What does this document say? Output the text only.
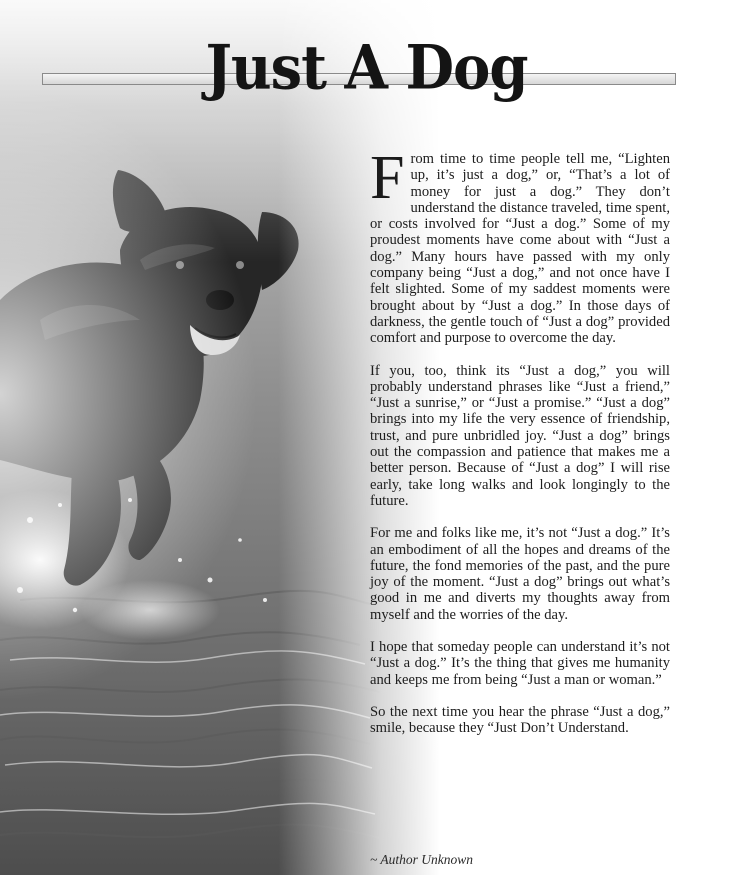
Just A Dog

From time to time people tell me, “Lighten up, it’s just a dog,” or, “That’s a lot of money for just a dog.” They don’t understand the distance traveled, time spent, or costs involved for “Just a dog.” Some of my proudest moments have come about with “Just a dog.” Many hours have passed with my only company being “Just a dog,” and not once have I felt slighted. Some of my saddest moments were brought about by “Just a dog.” In those days of darkness, the gentle touch of “Just a dog” provided comfort and purpose to overcome the day.

If you, too, think its “Just a dog,” you will probably understand phrases like “Just a friend,” “Just a sunrise,” or “Just a promise.” “Just a dog” brings into my life the very essence of friendship, trust, and pure unbridled joy. “Just a dog” brings out the compassion and patience that makes me a better person. Because of “Just a dog” I will rise early, take long walks and look longingly to the future.

For me and folks like me, it’s not “Just a dog.” It’s an embodiment of all the hopes and dreams of the future, the fond memories of the past, and the pure joy of the moment. “Just a dog” brings out what’s good in me and diverts my thoughts away from myself and the worries of the day.

I hope that someday people can understand it’s not “Just a dog.” It’s the thing that gives me humanity and keeps me from being “Just a man or woman.”

So the next time you hear the phrase “Just a dog,” smile, because they “Just Don’t Understand.

~ Author Unknown
